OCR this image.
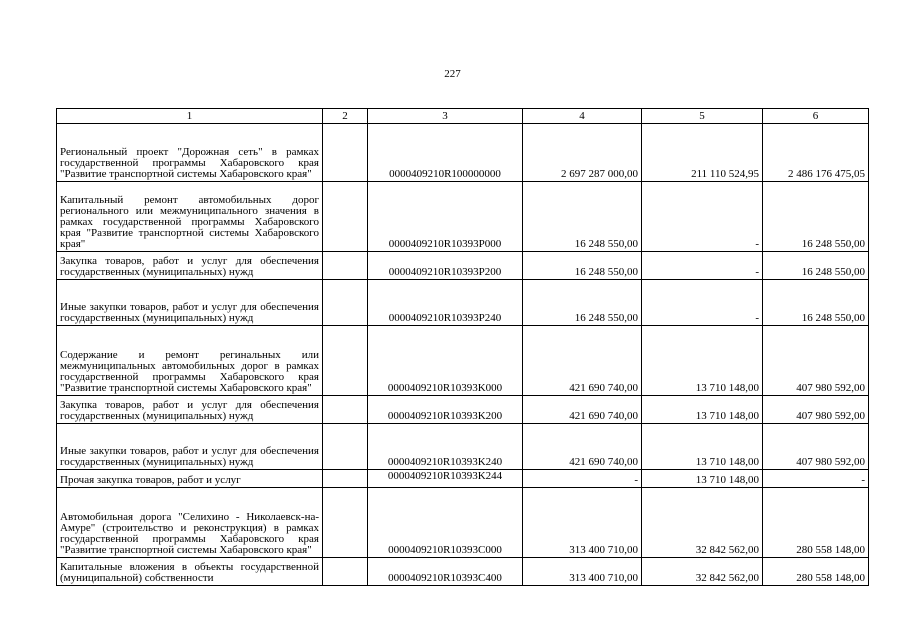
227
1	2	3	4	5	6
Региональный проект "Дорожная сеть" в рамках государственной программы Хабаровского края "Развитие транспортной системы Хабаровского края"		0000409210R100000000	2 697 287 000,00	211 110 524,95	2 486 176 475,05
Капитальный ремонт автомобильных дорог регионального или межмуниципального значения в рамках государственной программы Хабаровского края "Развитие транспортной системы Хабаровского края"		0000409210R10393P000	16 248 550,00	-	16 248 550,00
Закупка товаров, работ и услуг для обеспечения государственных (муниципальных) нужд		0000409210R10393P200	16 248 550,00	-	16 248 550,00
Иные закупки товаров, работ и услуг для обеспечения государственных (муниципальных) нужд		0000409210R10393P240	16 248 550,00	-	16 248 550,00
Содержание и ремонт регинальных или межмуниципальных автомобильных дорог в рамках государственной программы Хабаровского края "Развитие транспортной системы Хабаровского края"		0000409210R10393K000	421 690 740,00	13 710 148,00	407 980 592,00
Закупка товаров, работ и услуг для обеспечения государственных (муниципальных) нужд		0000409210R10393K200	421 690 740,00	13 710 148,00	407 980 592,00
Иные закупки товаров, работ и услуг для обеспечения государственных (муниципальных) нужд		0000409210R10393K240	421 690 740,00	13 710 148,00	407 980 592,00
Прочая закупка товаров, работ и услуг		0000409210R10393K244	-	13 710 148,00	-
Автомобильная дорога "Селихино - Николаевск-на-Амуре" (строительство и реконструкция) в рамках государственной программы Хабаровского края "Развитие транспортной системы Хабаровского края"		0000409210R10393C000	313 400 710,00	32 842 562,00	280 558 148,00
Капитальные вложения в объекты государственной (муниципальной) собственности		0000409210R10393C400	313 400 710,00	32 842 562,00	280 558 148,00
